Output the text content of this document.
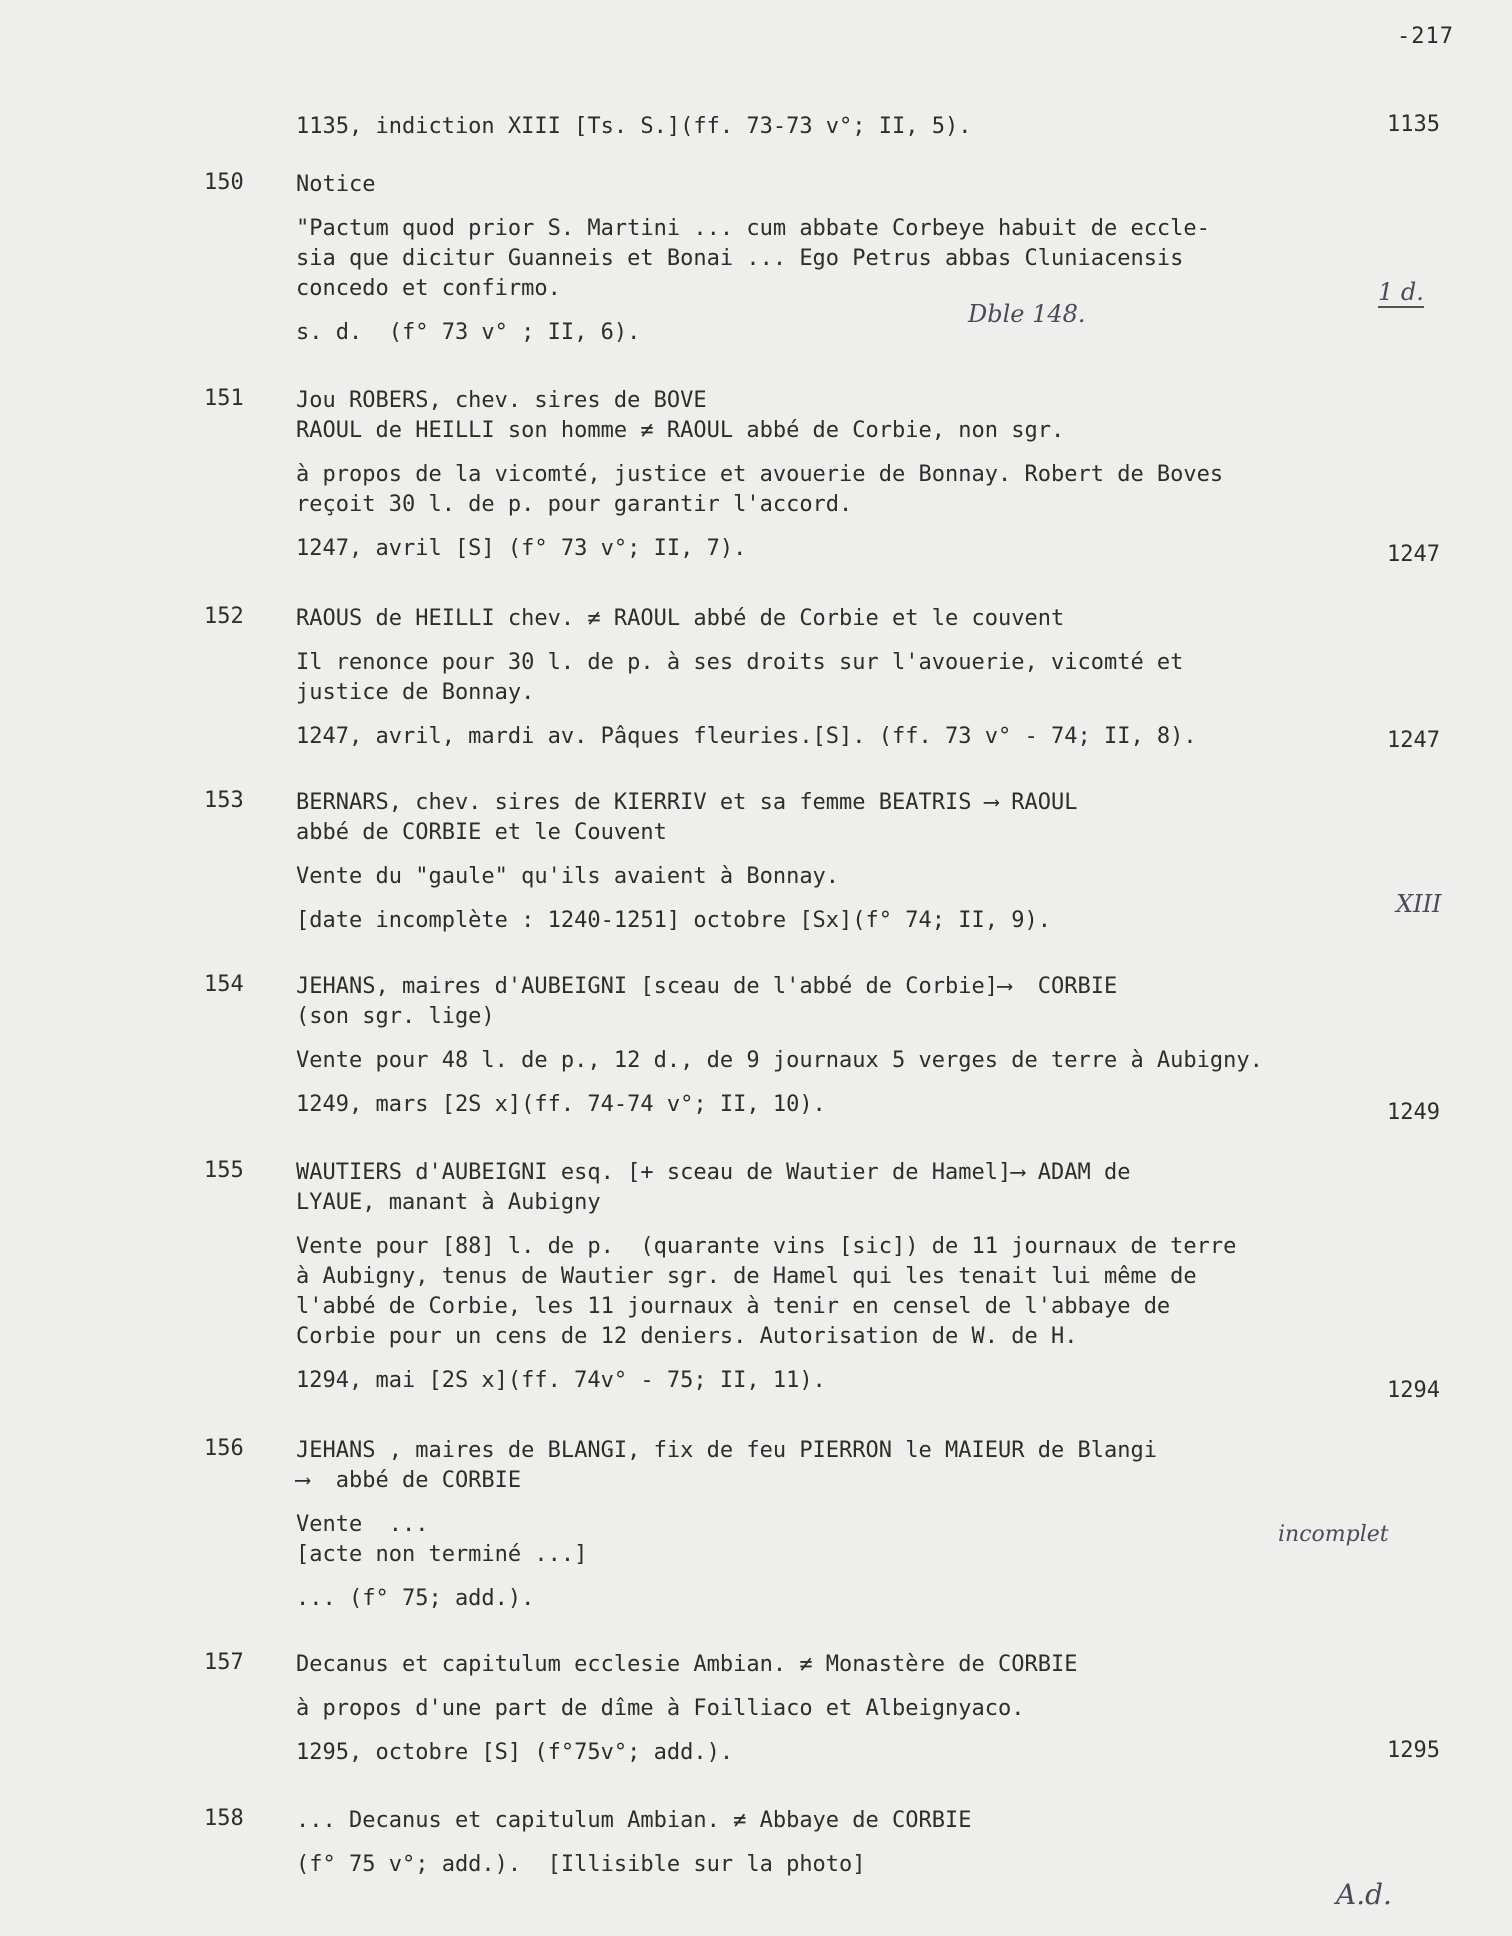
-217

1135, indiction XIII [Ts. S.](ff. 73-73 v°; II, 5).	1135
150 Notice

"Pactum quod prior S. Martini ... cum abbate Corbeye habuit de eccle-
sia que dicitur Guanneis et Bonai ... Ego Petrus abbas Cluniacensis
concedo et confirmo.

s. d.  (f° 73 v° ; II, 6).

Dble 148.
1 d.
151 Jou ROBERS, chev. sires de BOVE
RAOUL de HEILLI son homme ≠ RAOUL abbé de Corbie, non sgr.

à propos de la vicomté, justice et avouerie de Bonnay. Robert de Boves
reçoit 30 l. de p. pour garantir l'accord.

1247, avril [S] (f° 73 v°; II, 7).	1247
152 RAOUS de HEILLI chev. ≠ RAOUL abbé de Corbie et le couvent

Il renonce pour 30 l. de p. à ses droits sur l'avouerie, vicomté et
justice de Bonnay.

1247, avril, mardi av. Pâques fleuries.[S]. (ff. 73 v° - 74; II, 8).	1247
153 BERNARS, chev. sires de KIERRIV et sa femme BEATRIS ⟶ RAOUL
abbé de CORBIE et le Couvent

Vente du "gaule" qu'ils avaient à Bonnay.

[date incomplète : 1240-1251] octobre [Sx](f° 74; II, 9).

XIII
154 JEHANS, maires d'AUBEIGNI [sceau de l'abbé de Corbie]⟶  CORBIE
(son sgr. lige)

Vente pour 48 l. de p., 12 d., de 9 journaux 5 verges de terre à Aubigny.

1249, mars [2S x](ff. 74-74 v°; II, 10).	1249
155 WAUTIERS d'AUBEIGNI esq. [+ sceau de Wautier de Hamel]⟶ ADAM de
LYAUE, manant à Aubigny

Vente pour [88] l. de p.  (quarante vins [sic]) de 11 journaux de terre
à Aubigny, tenus de Wautier sgr. de Hamel qui les tenait lui même de
l'abbé de Corbie, les 11 journaux à tenir en censel de l'abbaye de
Corbie pour un cens de 12 deniers. Autorisation de W. de H.

1294, mai [2S x](ff. 74v° - 75; II, 11).	1294
156 JEHANS , maires de BLANGI, fix de feu PIERRON le MAIEUR de Blangi
⟶  abbé de CORBIE

Vente  ...
[acte non terminé ...]

... (f° 75; add.).

incomplet
157 Decanus et capitulum ecclesie Ambian. ≠ Monastère de CORBIE

à propos d'une part de dîme à Foilliaco et Albeignyaco.

1295, octobre [S] (f°75v°; add.).	1295
158 ... Decanus et capitulum Ambian. ≠ Abbaye de CORBIE

(f° 75 v°; add.).  [Illisible sur la photo]

A.d.
